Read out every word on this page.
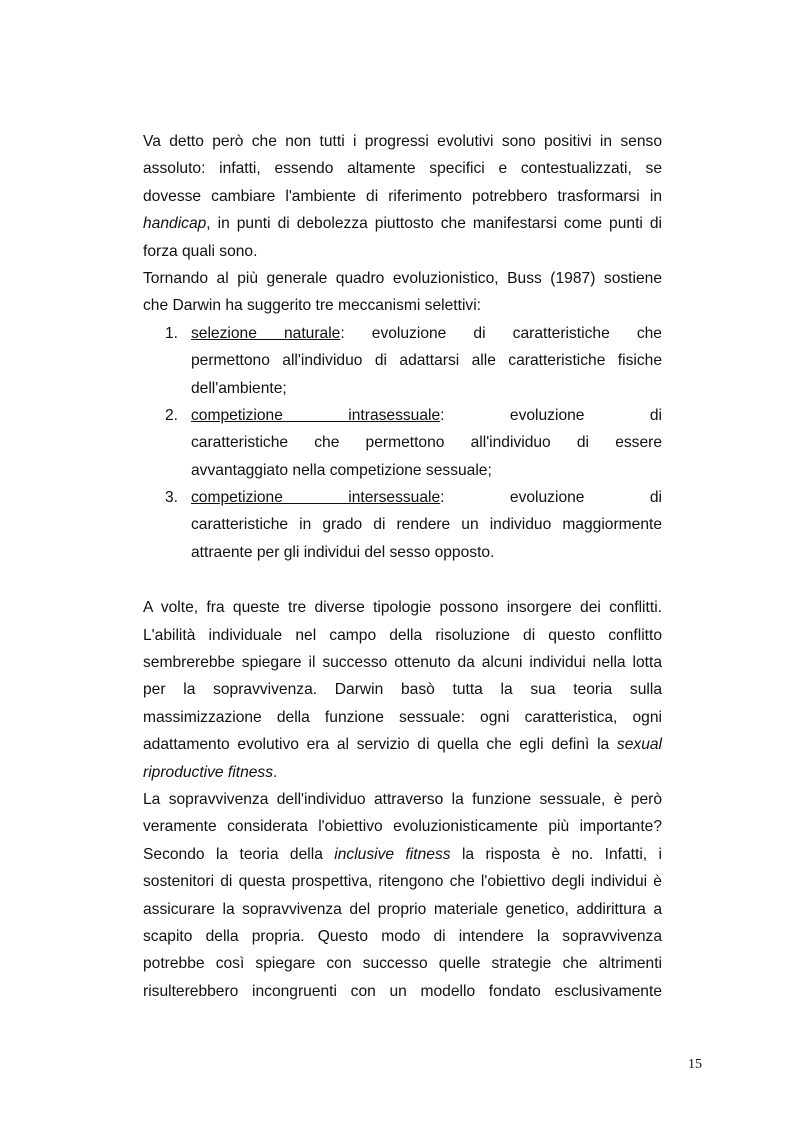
Va detto però che non tutti i progressi evolutivi sono positivi in senso
assoluto: infatti, essendo altamente specifici e contestualizzati, se
dovesse cambiare l'ambiente di riferimento potrebbero trasformarsi in
handicap, in punti di debolezza piuttosto che manifestarsi come punti di
forza quali sono.
Tornando al più generale quadro evoluzionistico, Buss (1987) sostiene
che Darwin ha suggerito tre meccanismi selettivi:
1. selezione naturale: evoluzione di caratteristiche che
permettono all'individuo di adattarsi alle caratteristiche fisiche
dell'ambiente;
2. competizione intrasessuale: evoluzione di
caratteristiche che permettono all'individuo di essere
avvantaggiato nella competizione sessuale;
3. competizione intersessuale: evoluzione di
caratteristiche in grado di rendere un individuo maggiormente
attraente per gli individui del sesso opposto.
A volte, fra queste tre diverse tipologie possono insorgere dei conflitti.
L'abilità individuale nel campo della risoluzione di questo conflitto
sembrerebbe spiegare il successo ottenuto da alcuni individui nella lotta
per la sopravvivenza. Darwin basò tutta la sua teoria sulla
massimizzazione della funzione sessuale: ogni caratteristica, ogni
adattamento evolutivo era al servizio di quella che egli definì la sexual
riproductive fitness.
La sopravvivenza dell'individuo attraverso la funzione sessuale, è però
veramente considerata l'obiettivo evoluzionisticamente più importante?
Secondo la teoria della inclusive fitness la risposta è no. Infatti, i
sostenitori di questa prospettiva, ritengono che l'obiettivo degli individui è
assicurare la sopravvivenza del proprio materiale genetico, addirittura a
scapito della propria. Questo modo di intendere la sopravvivenza
potrebbe così spiegare con successo quelle strategie che altrimenti
risulterebbero incongruenti con un modello fondato esclusivamente
15
